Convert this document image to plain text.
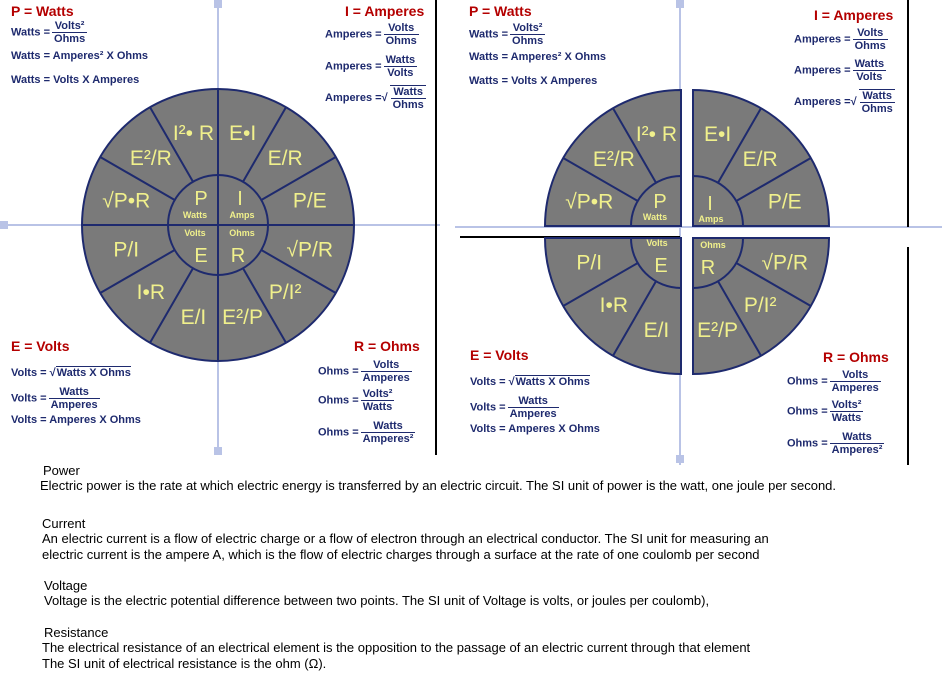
E•I
E/R
P/E
√P/R
P/I²
E²/P
E/I
I•R
P/I
√P•R
E²/R
I²• R
P I
Watts Amps
Volts	Ohms
E R
P = Watts
Watts = $\frac{\text{Volts²}}{\text{Ohms}}$
Watts = Amperes² X Ohms
Watts = Volts X Amperes
I = Amperes
Amperes = $\frac{\text{Volts}}{\text{Ohms}}$
Amperes = $\frac{\text{Watts}}{\text{Volts}}$
Amperes =√ $\frac{\text{Watts}}{\text{Ohms}}$
E = Volts
Volts = √Watts X Ohms
Volts = $\frac{\text{Watts}}{\text{Amperes}}$
Volts = Amperes X Ohms
R = Ohms
Ohms = $\frac{\text{Volts}}{\text{Amperes}}$
Ohms = $\frac{\text{Volts²}}{\text{Watts}}$
Ohms = $\frac{\text{Watts}}{\text{Amperes²}}$
E•I
E/R
P/E
√P/R
P/I²
E²/P
E/I
I•R
P/I
√P•R
E²/R
I²• R
P I
Watts	Amps
Volts	Ohms
E R
P = Watts
Watts = $\frac{\text{Volts²}}{\text{Ohms}}$
Watts = Amperes² X Ohms
Watts = Volts X Amperes
I = Amperes
Amperes = $\frac{\text{Volts}}{\text{Ohms}}$
Amperes = $\frac{\text{Watts}}{\text{Volts}}$
Amperes =√ $\frac{\text{Watts}}{\text{Ohms}}$
E = Volts
Volts = √Watts X Ohms
Volts = $\frac{\text{Watts}}{\text{Amperes}}$
Volts = Amperes X Ohms
R = Ohms
Ohms = $\frac{\text{Volts}}{\text{Amperes}}$
Ohms = $\frac{\text{Volts²}}{\text{Watts}}$
Ohms = $\frac{\text{Watts}}{\text{Amperes²}}$
Power
Electric power is the rate at which electric energy is transferred by an electric circuit. The SI unit of power is the watt, one joule per second.
Current
An electric current is a flow of electric charge or a flow of electron through an electrical conductor. The SI unit for measuring an
electric current is the ampere A, which is the flow of electric charges through a surface at the rate of one coulomb per second
Voltage
Voltage is the electric potential difference between two points. The SI unit of Voltage is volts, or joules per coulomb),
Resistance
The electrical resistance of an electrical element is the opposition to the passage of an electric current through that element
The SI unit of electrical resistance is the ohm (Ω).
